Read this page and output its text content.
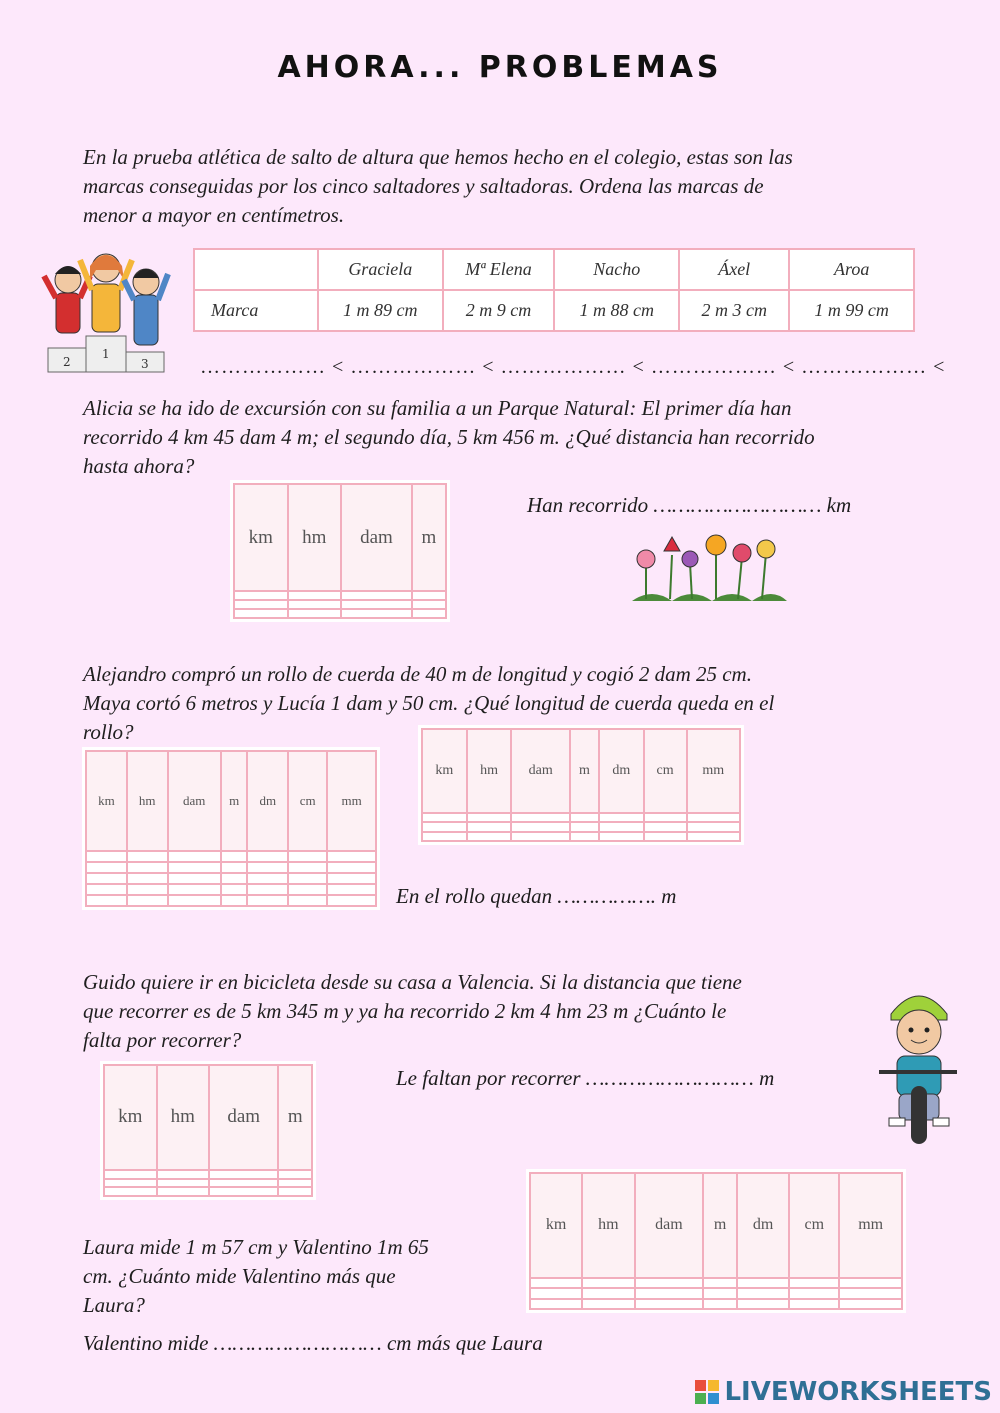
AHORA... PROBLEMAS
En la prueba atlética de salto de altura que hemos hecho en el colegio, estas son las
marcas conseguidas por los cinco saltadores y saltadoras. Ordena las marcas de
menor a mayor en centímetros.
2
1
3
	Graciela	Mª Elena	Nacho	Áxel	Aroa
Marca	1 m 89 cm	2 m 9 cm	1 m 88 cm	2 m 3 cm	1 m 99 cm
……………… < ……………… < ……………… < ……………… < ……………… <
Alicia se ha ido de excursión con su familia a un Parque Natural: El primer día han
recorrido 4 km 45 dam 4 m; el segundo día, 5 km 456 m. ¿Qué distancia han recorrido
hasta ahora?
km	hm	dam	m

Han recorrido ……………………… km
Alejandro compró un rollo de cuerda de 40 m de longitud y cogió 2 dam 25 cm.
Maya cortó 6 metros y Lucía 1 dam y 50 cm. ¿Qué longitud de cuerda queda en el
rollo?
km	hm	dam	m	dm	cm	mm

km	hm	dam	m	dm	cm	mm

En el rollo quedan ……………. m
Guido quiere ir en bicicleta desde su casa a Valencia. Si la distancia que tiene
que recorrer es de 5 km 345 m y ya ha recorrido 2 km 4 hm 23 m ¿Cuánto le
falta por recorrer?
km	hm	dam	m

Le faltan por recorrer ……………………… m
km	hm	dam	m	dm	cm	mm

Laura mide 1 m 57 cm y Valentino 1m 65
cm. ¿Cuánto mide Valentino más que
Laura?
Valentino mide ……………………… cm más que Laura
LIVEWORKSHEETS
